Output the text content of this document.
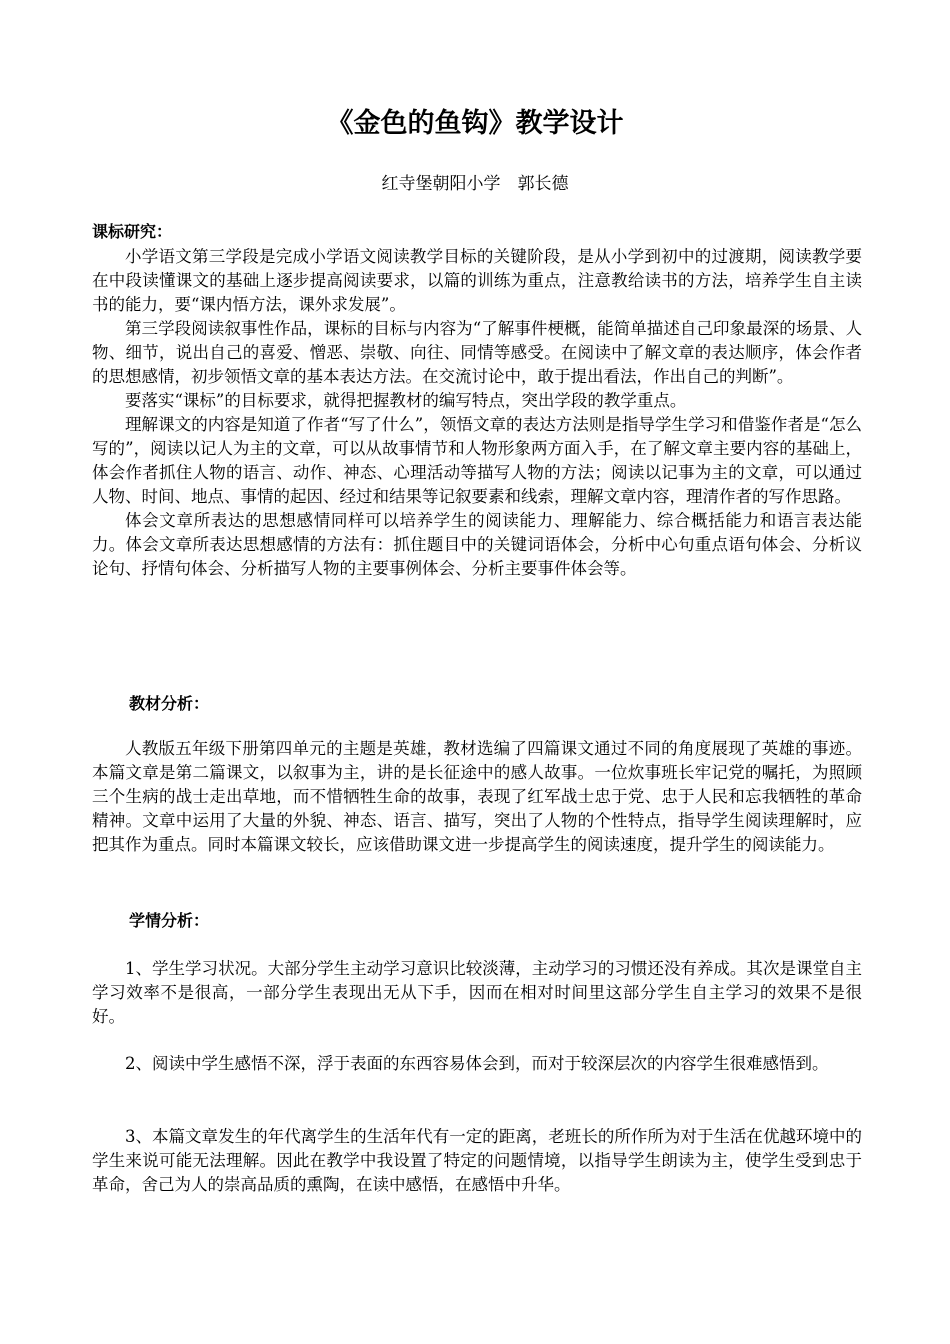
《金色的鱼钩》教学设计

红寺堡朝阳小学　郭长德

课标研究：

小学语文第三学段是完成小学语文阅读教学目标的关键阶段，是从小学到初中的过渡期，阅读教学要在中段读懂课文的基础上逐步提高阅读要求，以篇的训练为重点，注意教给读书的方法，培养学生自主读书的能力，要“课内悟方法，课外求发展”。

第三学段阅读叙事性作品，课标的目标与内容为“了解事件梗概，能简单描述自己印象最深的场景、人物、细节，说出自己的喜爱、憎恶、崇敬、向往、同情等感受。在阅读中了解文章的表达顺序，体会作者的思想感情，初步领悟文章的基本表达方法。在交流讨论中，敢于提出看法，作出自己的判断”。

要落实“课标”的目标要求，就得把握教材的编写特点，突出学段的教学重点。

理解课文的内容是知道了作者“写了什么”，领悟文章的表达方法则是指导学生学习和借鉴作者是“怎么写的”，阅读以记人为主的文章，可以从故事情节和人物形象两方面入手，在了解文章主要内容的基础上，体会作者抓住人物的语言、动作、神态、心理活动等描写人物的方法；阅读以记事为主的文章，可以通过人物、时间、地点、事情的起因、经过和结果等记叙要素和线索，理解文章内容，理清作者的写作思路。

体会文章所表达的思想感情同样可以培养学生的阅读能力、理解能力、综合概括能力和语言表达能力。体会文章所表达思想感情的方法有：抓住题目中的关键词语体会，分析中心句重点语句体会、分析议论句、抒情句体会、分析描写人物的主要事例体会、分析主要事件体会等。

教材分析：

人教版五年级下册第四单元的主题是英雄，教材选编了四篇课文通过不同的角度展现了英雄的事迹。本篇文章是第二篇课文，以叙事为主，讲的是长征途中的感人故事。一位炊事班长牢记党的嘱托，为照顾三个生病的战士走出草地，而不惜牺牲生命的故事，表现了红军战士忠于党、忠于人民和忘我牺牲的革命精神。文章中运用了大量的外貌、神态、语言、描写，突出了人物的个性特点，指导学生阅读理解时，应把其作为重点。同时本篇课文较长，应该借助课文进一步提高学生的阅读速度，提升学生的阅读能力。

学情分析：

1、学生学习状况。大部分学生主动学习意识比较淡薄，主动学习的习惯还没有养成。其次是课堂自主学习效率不是很高，一部分学生表现出无从下手，因而在相对时间里这部分学生自主学习的效果不是很好。

2、阅读中学生感悟不深，浮于表面的东西容易体会到，而对于较深层次的内容学生很难感悟到。

3、本篇文章发生的年代离学生的生活年代有一定的距离，老班长的所作所为对于生活在优越环境中的学生来说可能无法理解。因此在教学中我设置了特定的问题情境，以指导学生朗读为主，使学生受到忠于革命，舍己为人的崇高品质的熏陶，在读中感悟，在感悟中升华。
